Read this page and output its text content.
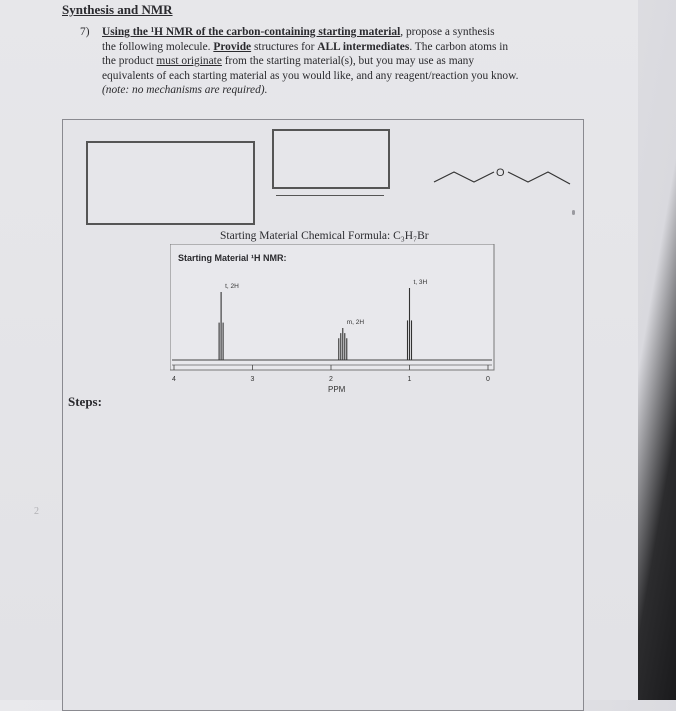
Synthesis and NMR
7) Using the ¹H NMR of the carbon-containing starting material, propose a synthesis
the following molecule. Provide structures for ALL intermediates. The carbon atoms in
the product must originate from the starting material(s), but you may use as many
equivalents of each starting material as you would like, and any reagent/reaction you know.
(note: no mechanisms are required).
O
Starting Material Chemical Formula: C₃H₇Br
t, 2H
m, 2H
t, 3H
4	3	2	1	0
PPM
Starting Material ¹H NMR:
Steps:
2
